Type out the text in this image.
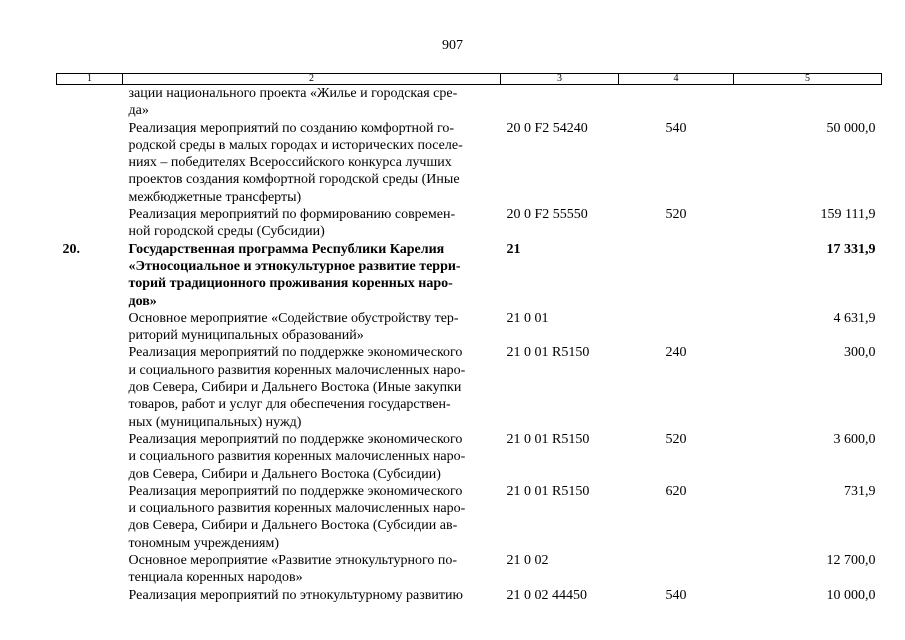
907
1	2	3	4	5
	зации национального проекта «Жилье и городская сре-
да»			
	Реализация мероприятий по созданию комфортной го-
родской среды в малых городах и исторических поселе-
ниях – победителях Всероссийского конкурса лучших
проектов создания комфортной городской среды (Иные
межбюджетные трансферты)	20 0 F2 54240	540	50 000,0
	Реализация мероприятий по формированию современ-
ной городской среды (Субсидии)	20 0 F2 55550	520	159 111,9
20.	Государственная программа Республики Карелия
«Этносоциальное и этнокультурное развитие терри-
торий традиционного проживания коренных наро-
дов»	21		17 331,9
	Основное мероприятие «Содействие обустройству тер-
риторий муниципальных образований»	21 0 01		4 631,9
	Реализация мероприятий по поддержке экономического
и социального развития коренных малочисленных наро-
дов Севера, Сибири и Дальнего Востока (Иные закупки
товаров, работ и услуг для обеспечения государствен-
ных (муниципальных) нужд)	21 0 01 R5150	240	300,0
	Реализация мероприятий по поддержке экономического
и социального развития коренных малочисленных наро-
дов Севера, Сибири и Дальнего Востока (Субсидии)	21 0 01 R5150	520	3 600,0
	Реализация мероприятий по поддержке экономического
и социального развития коренных малочисленных наро-
дов Севера, Сибири и Дальнего Востока (Субсидии ав-
тономным учреждениям)	21 0 01 R5150	620	731,9
	Основное мероприятие «Развитие этнокультурного по-
тенциала коренных народов»	21 0 02		12 700,0
	Реализация мероприятий по этнокультурному развитию	21 0 02 44450	540	10 000,0
